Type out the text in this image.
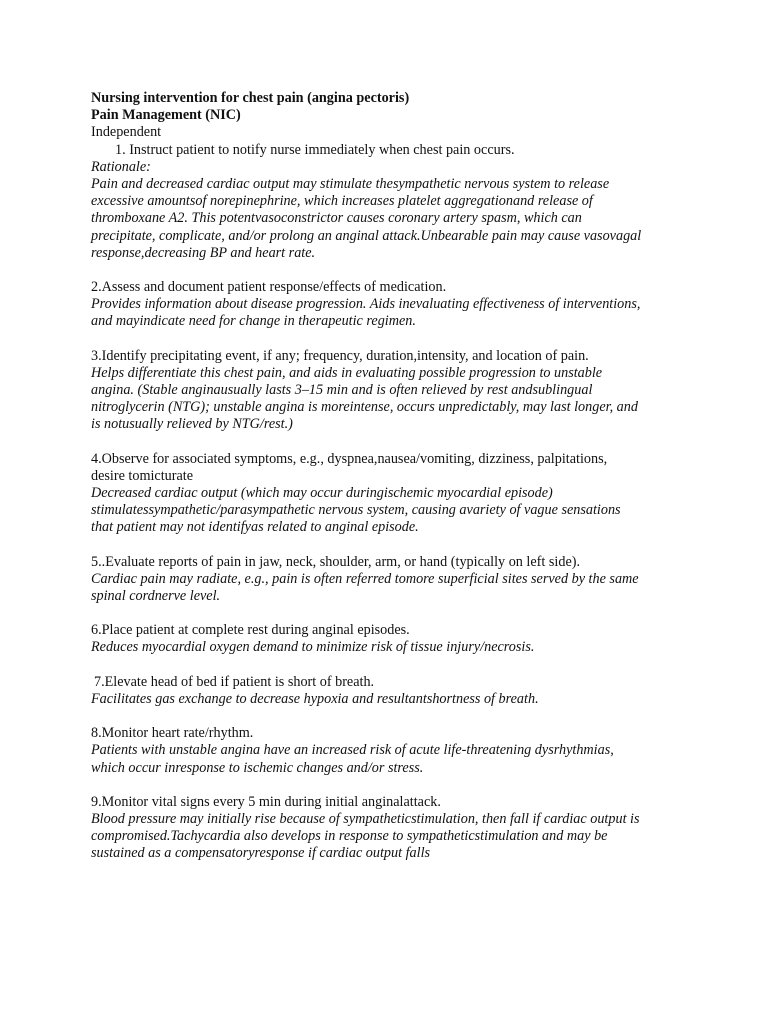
Nursing intervention for chest pain (angina pectoris)
Pain Management (NIC)
Independent
1. Instruct patient to notify nurse immediately when chest pain occurs.
Rationale:
Pain and decreased cardiac output may stimulate thesympathetic nervous system to release
excessive amountsof norepinephrine, which increases platelet aggregationand release of
thromboxane A2. This potentvasoconstrictor causes coronary artery spasm, which can
precipitate, complicate, and/or prolong an anginal attack.Unbearable pain may cause vasovagal
response,decreasing BP and heart rate.
2.Assess and document patient response/effects of medication.
Provides information about disease progression. Aids inevaluating effectiveness of interventions,
and mayindicate need for change in therapeutic regimen.
3.Identify precipitating event, if any; frequency, duration,intensity, and location of pain.
Helps differentiate this chest pain, and aids in evaluating possible progression to unstable
angina. (Stable anginausually lasts 3–15 min and is often relieved by rest andsublingual
nitroglycerin (NTG); unstable angina is moreintense, occurs unpredictably, may last longer, and
is notusually relieved by NTG/rest.)
4.Observe for associated symptoms, e.g., dyspnea,nausea/vomiting, dizziness, palpitations,
desire tomicturate
Decreased cardiac output (which may occur duringischemic myocardial episode)
stimulatessympathetic/parasympathetic nervous system, causing avariety of vague sensations
that patient may not identifyas related to anginal episode.
5..Evaluate reports of pain in jaw, neck, shoulder, arm, or hand (typically on left side).
Cardiac pain may radiate, e.g., pain is often referred tomore superficial sites served by the same
spinal cordnerve level.
6.Place patient at complete rest during anginal episodes.
Reduces myocardial oxygen demand to minimize risk of tissue injury/necrosis.
7.Elevate head of bed if patient is short of breath.
Facilitates gas exchange to decrease hypoxia and resultantshortness of breath.
8.Monitor heart rate/rhythm.
Patients with unstable angina have an increased risk of acute life-threatening dysrhythmias,
which occur inresponse to ischemic changes and/or stress.
9.Monitor vital signs every 5 min during initial anginalattack.
Blood pressure may initially rise because of sympatheticstimulation, then fall if cardiac output is
compromised.Tachycardia also develops in response to sympatheticstimulation and may be
sustained as a compensatoryresponse if cardiac output falls
